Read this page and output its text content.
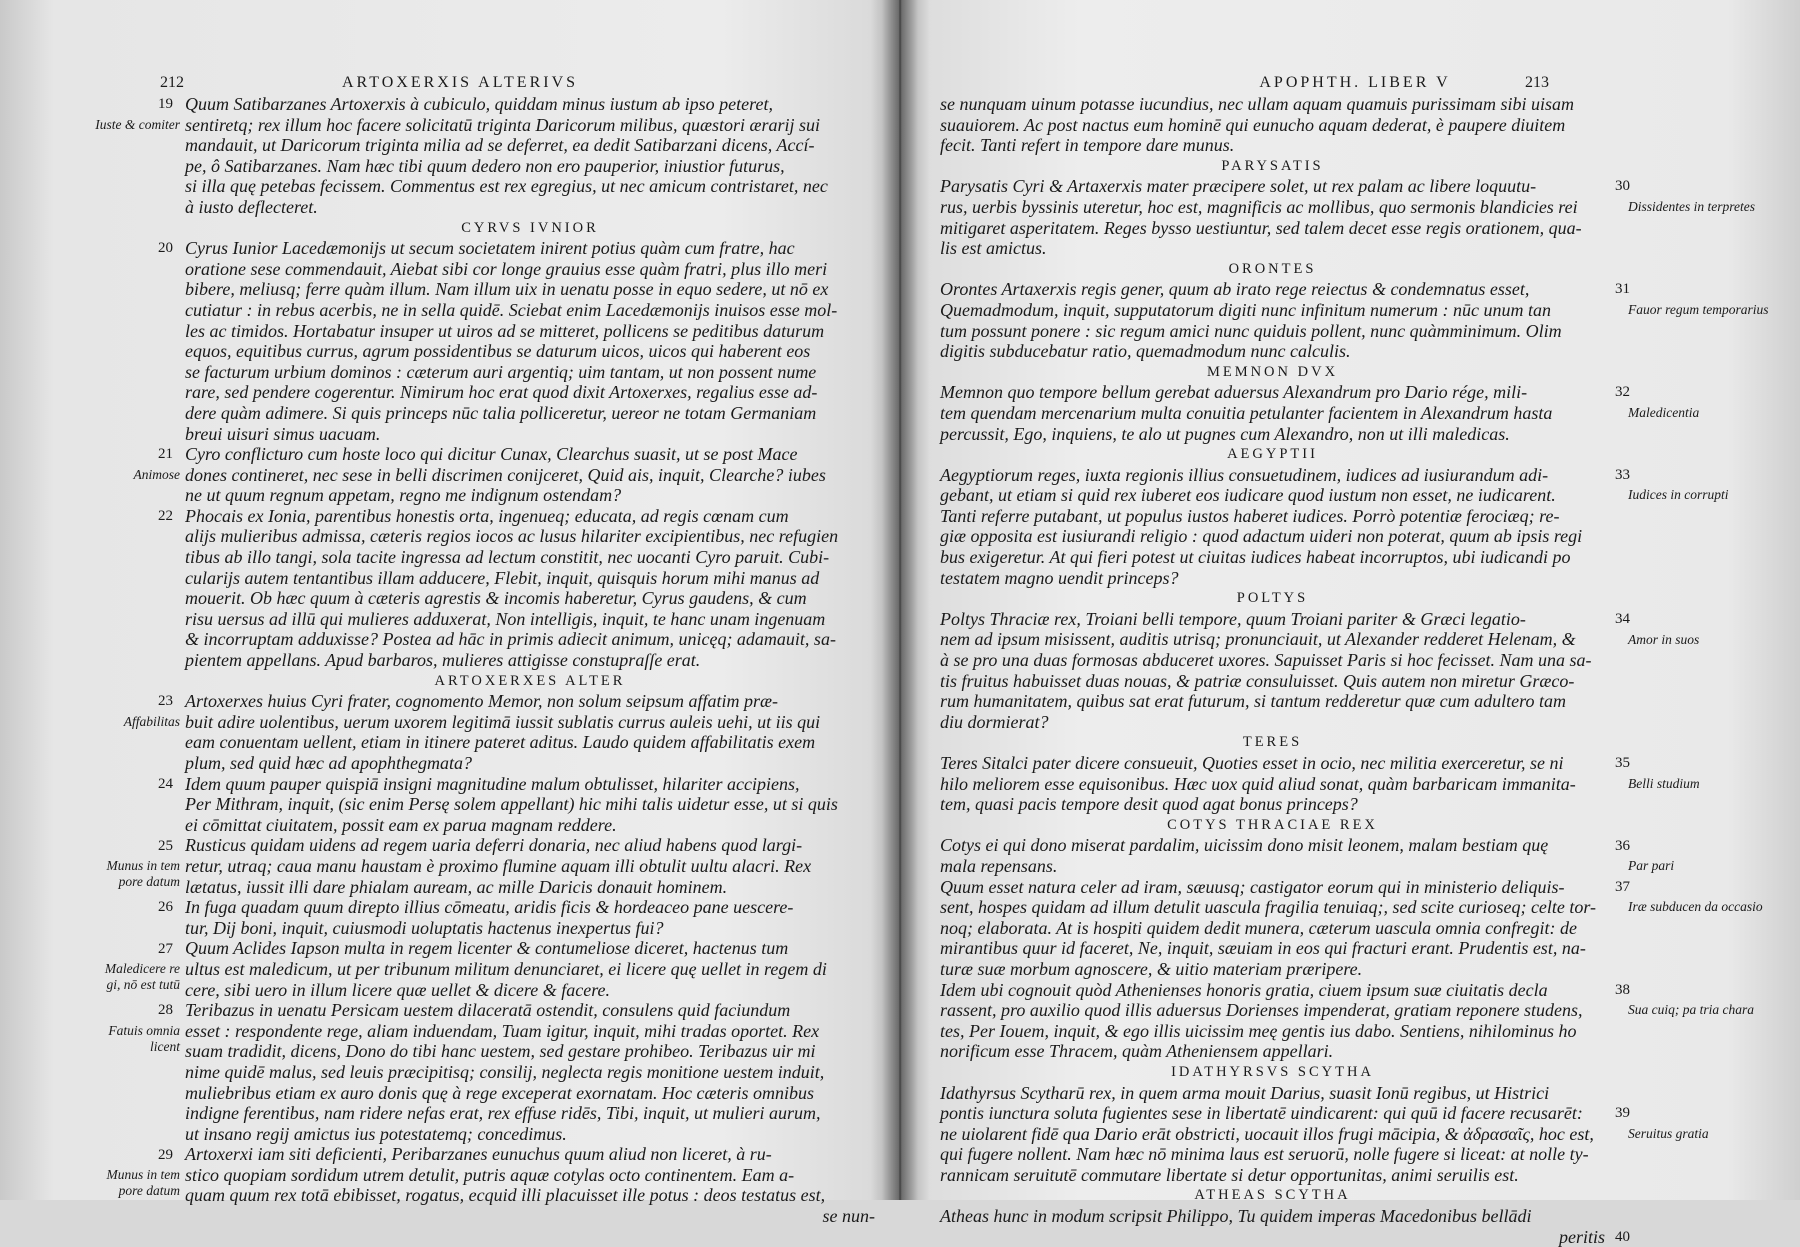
212	ARTOXERXIS ALTERIVS
Quum Satibarzanes Artoxerxis à cubiculo, quiddam minus iustum ab ipso peteret,
sentiretq; rex illum hoc facere solicitatū triginta Daricorum milibus, quæstori ærarij sui
mandauit, ut Daricorum triginta milia ad se deferret, ea dedit Satibarzani dicens, Accí-
pe, ô Satibarzanes. Nam hæc tibi quum dedero non ero pauperior, iniustior futurus,
si illa quę petebas fecissem. Commentus est rex egregius, ut nec amicum contristaret, nec
à iusto deflecteret.
CYRVS IVNIOR
Cyrus Iunior Lacedæmonijs ut secum societatem inirent potius quàm cum fratre, hac
oratione sese commendauit, Aiebat sibi cor longe grauius esse quàm fratri, plus illo meri
bibere, meliusq; ferre quàm illum. Nam illum uix in uenatu posse in equo sedere, ut nō ex
cutiatur : in rebus acerbis, ne in sella quidē. Sciebat enim Lacedæmonijs inuisos esse mol-
les ac timidos. Hortabatur insuper ut uiros ad se mitteret, pollicens se peditibus daturum
equos, equitibus currus, agrum possidentibus se daturum uicos, uicos qui haberent eos
se facturum urbium dominos : cæterum auri argentiq; uim tantam, ut non possent nume
rare, sed pendere cogerentur. Nimirum hoc erat quod dixit Artoxerxes, regalius esse ad-
dere quàm adimere. Si quis princeps nūc talia polliceretur, uereor ne totam Germaniam
breui uisuri simus uacuam.
Cyro conflicturo cum hoste loco qui dicitur Cunax, Clearchus suasit, ut se post Mace
dones contineret, nec sese in belli discrimen conijceret, Quid ais, inquit, Clearche? iubes
ne ut quum regnum appetam, regno me indignum ostendam?
Phocais ex Ionia, parentibus honestis orta, ingenueq; educata, ad regis cœnam cum
alijs mulieribus admissa, cæteris regios iocos ac lusus hilariter excipientibus, nec refugien
tibus ab illo tangi, sola tacite ingressa ad lectum constitit, nec uocanti Cyro paruit. Cubi-
cularijs autem tentantibus illam adducere, Flebit, inquit, quisquis horum mihi manus ad
mouerit. Ob hæc quum à cæteris agrestis & incomis haberetur, Cyrus gaudens, & cum
risu uersus ad illū qui mulieres adduxerat, Non intelligis, inquit, te hanc unam ingenuam
& incorruptam adduxisse? Postea ad hāc in primis adiecit animum, unicęq; adamauit, sa-
pientem appellans. Apud barbaros, mulieres attigisse constupraſſe erat.
ARTOXERXES ALTER
Artoxerxes huius Cyri frater, cognomento Memor, non solum seipsum affatim præ-
buit adire uolentibus, uerum uxorem legitimā iussit sublatis currus auleis uehi, ut iis qui
eam conuentam uellent, etiam in itinere pateret aditus. Laudo quidem affabilitatis exem
plum, sed quid hæc ad apophthegmata?
Idem quum pauper quispiā insigni magnitudine malum obtulisset, hilariter accipiens,
Per Mithram, inquit, (sic enim Persę solem appellant) hic mihi talis uidetur esse, ut si quis
ei cōmittat ciuitatem, possit eam ex parua magnam reddere.
Rusticus quidam uidens ad regem uaria deferri donaria, nec aliud habens quod largi-
retur, utraq; caua manu haustam è proximo flumine aquam illi obtulit uultu alacri. Rex
lætatus, iussit illi dare phialam auream, ac mille Daricis donauit hominem.
In fuga quadam quum direpto illius cōmeatu, aridis ficis & hordeaceo pane uescere-
tur, Dij boni, inquit, cuiusmodi uoluptatis hactenus inexpertus fui?
Quum Aclides Iapson multa in regem licenter & contumeliose diceret, hactenus tum
ultus est maledicum, ut per tribunum militum denunciaret, ei licere quę uellet in regem di
cere, sibi uero in illum licere quæ uellet & dicere & facere.
Teribazus in uenatu Persicam uestem dilaceratā ostendit, consulens quid faciundum
esset : respondente rege, aliam induendam, Tuam igitur, inquit, mihi tradas oportet. Rex
suam tradidit, dicens, Dono do tibi hanc uestem, sed gestare prohibeo. Teribazus uir mi
nime quidē malus, sed leuis præcipitisq; consilij, neglecta regis monitione uestem induit,
muliebribus etiam ex auro donis quę à rege exceperat exornatam. Hoc cæteris omnibus
indigne ferentibus, nam ridere nefas erat, rex effuse ridēs, Tibi, inquit, ut mulieri aurum,
ut insano regij amictus ius potestatemq; concedimus.
Artoxerxi iam siti deficienti, Peribarzanes eunuchus quum aliud non liceret, à ru-
stico quopiam sordidum utrem detulit, putris aquæ cotylas octo continentem. Eam a-
quam quum rex totā ebibisset, rogatus, ecquid illi placuisset ille potus : deos testatus est,
se nun-
19
Iuste & comiter
20
21
Animose
22
23
Affabilitas
24
25
Munus in tem pore datum
26
27
Maledicere re gi, nō est tutū
28
Fatuis omnia licent
29
Munus in tem pore datum
APOPHTH. LIBER V	213
se nunquam uinum potasse iucundius, nec ullam aquam quamuis purissimam sibi uisam
suauiorem. Ac post nactus eum hominē qui eunucho aquam dederat, è paupere diuitem
fecit. Tanti refert in tempore dare munus.
PARYSATIS
Parysatis Cyri & Artaxerxis mater præcipere solet, ut rex palam ac libere loquutu-
rus, uerbis byssinis uteretur, hoc est, magnificis ac mollibus, quo sermonis blandicies rei
mitigaret asperitatem. Reges bysso uestiuntur, sed talem decet esse regis orationem, qua-
lis est amictus.
ORONTES
Orontes Artaxerxis regis gener, quum ab irato rege reiectus & condemnatus esset,
Quemadmodum, inquit, supputatorum digiti nunc infinitum numerum : nūc unum tan
tum possunt ponere : sic regum amici nunc quiduis pollent, nunc quàmminimum. Olim
digitis subducebatur ratio, quemadmodum nunc calculis.
MEMNON DVX
Memnon quo tempore bellum gerebat aduersus Alexandrum pro Dario rége, mili-
tem quendam mercenarium multa conuitia petulanter facientem in Alexandrum hasta
percussit, Ego, inquiens, te alo ut pugnes cum Alexandro, non ut illi maledicas.
AEGYPTII
Aegyptiorum reges, iuxta regionis illius consuetudinem, iudices ad iusiurandum adi-
gebant, ut etiam si quid rex iuberet eos iudicare quod iustum non esset, ne iudicarent.
Tanti referre putabant, ut populus iustos haberet iudices. Porrò potentiæ ferociæq; re-
giæ opposita est iusiurandi religio : quod adactum uideri non poterat, quum ab ipsis regi
bus exigeretur. At qui fieri potest ut ciuitas iudices habeat incorruptos, ubi iudicandi po
testatem magno uendit princeps?
POLTYS
Poltys Thraciæ rex, Troiani belli tempore, quum Troiani pariter & Græci legatio-
nem ad ipsum misissent, auditis utrisq; pronunciauit, ut Alexander redderet Helenam, &
à se pro una duas formosas abduceret uxores. Sapuisset Paris si hoc fecisset. Nam una sa-
tis fruitus habuisset duas nouas, & patriæ consuluisset. Quis autem non miretur Græco-
rum humanitatem, quibus sat erat futurum, si tantum redderetur quæ cum adultero tam
diu dormierat?
TERES
Teres Sitalci pater dicere consueuit, Quoties esset in ocio, nec militia exerceretur, se ni
hilo meliorem esse equisonibus. Hæc uox quid aliud sonat, quàm barbaricam immanita-
tem, quasi pacis tempore desit quod agat bonus princeps?
COTYS THRACIAE REX
Cotys ei qui dono miserat pardalim, uicissim dono misit leonem, malam bestiam quę
mala repensans.
Quum esset natura celer ad iram, sæuusq; castigator eorum qui in ministerio deliquis-
sent, hospes quidam ad illum detulit uascula fragilia tenuiaq;, sed scite curioseq; celte tor-
noq; elaborata. At is hospiti quidem dedit munera, cæterum uascula omnia confregit: de
mirantibus quur id faceret, Ne, inquit, sæuiam in eos qui fracturi erant. Prudentis est, na-
turæ suæ morbum agnoscere, & uitio materiam præripere.
Idem ubi cognouit quòd Athenienses honoris gratia, ciuem ipsum suæ ciuitatis decla
rassent, pro auxilio quod illis aduersus Dorienses impenderat, gratiam reponere studens,
tes, Per Iouem, inquit, & ego illis uicissim meę gentis ius dabo. Sentiens, nihilominus ho
norificum esse Thracem, quàm Atheniensem appellari.
IDATHYRSVS SCYTHA
Idathyrsus Scytharū rex, in quem arma mouit Darius, suasit Ionū regibus, ut Histrici
pontis iunctura soluta fugientes sese in libertatē uindicarent: qui quū id facere recusarēt:
ne uiolarent fidē qua Dario erāt obstricti, uocauit illos frugi mācipia, & ἀδρασαῖς, hoc est,
qui fugere nollent. Nam hæc nō minima laus est seruorū, nolle fugere si liceat: at nolle ty-
rannicam seruitutē commutare libertate si detur opportunitas, animi seruilis est.
ATHEAS SCYTHA
Atheas hunc in modum scripsit Philippo, Tu quidem imperas Macedonibus bellādi
peritis
30
Dissidentes in terpretes
31
Fauor regum temporarius
32
Maledicentia
33
Iudices in corrupti
34
Amor in suos
35
Belli studium
36
Par pari
37
Iræ subducen da occasio
38
Sua cuiq; pa tria chara
39
Seruitus gratia
40
